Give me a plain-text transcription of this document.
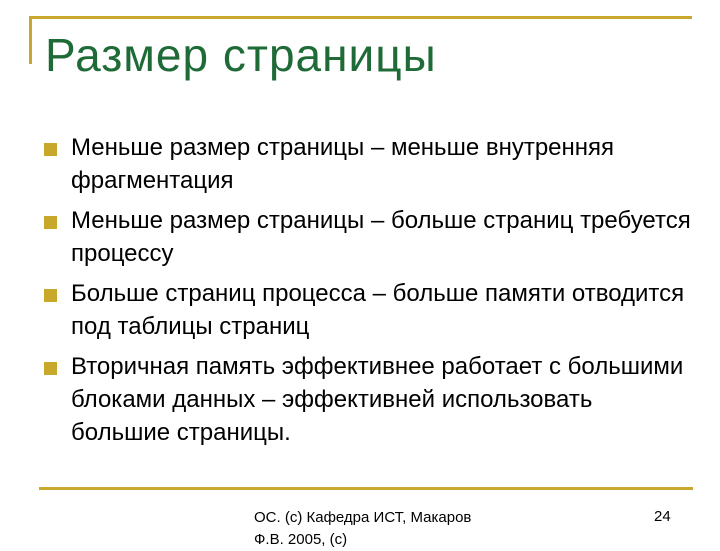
Размер страницы
Меньше размер страницы – меньше внутренняя фрагментация
Меньше размер страницы – больше страниц требуется процессу
Больше страниц процесса – больше памяти отводится под таблицы страниц
Вторичная память эффективнее работает с большими блоками данных – эффективней использовать большие страницы.
ОС. (с) Кафедра ИСТ, Макаров Ф.В. 2005, (с)
24
